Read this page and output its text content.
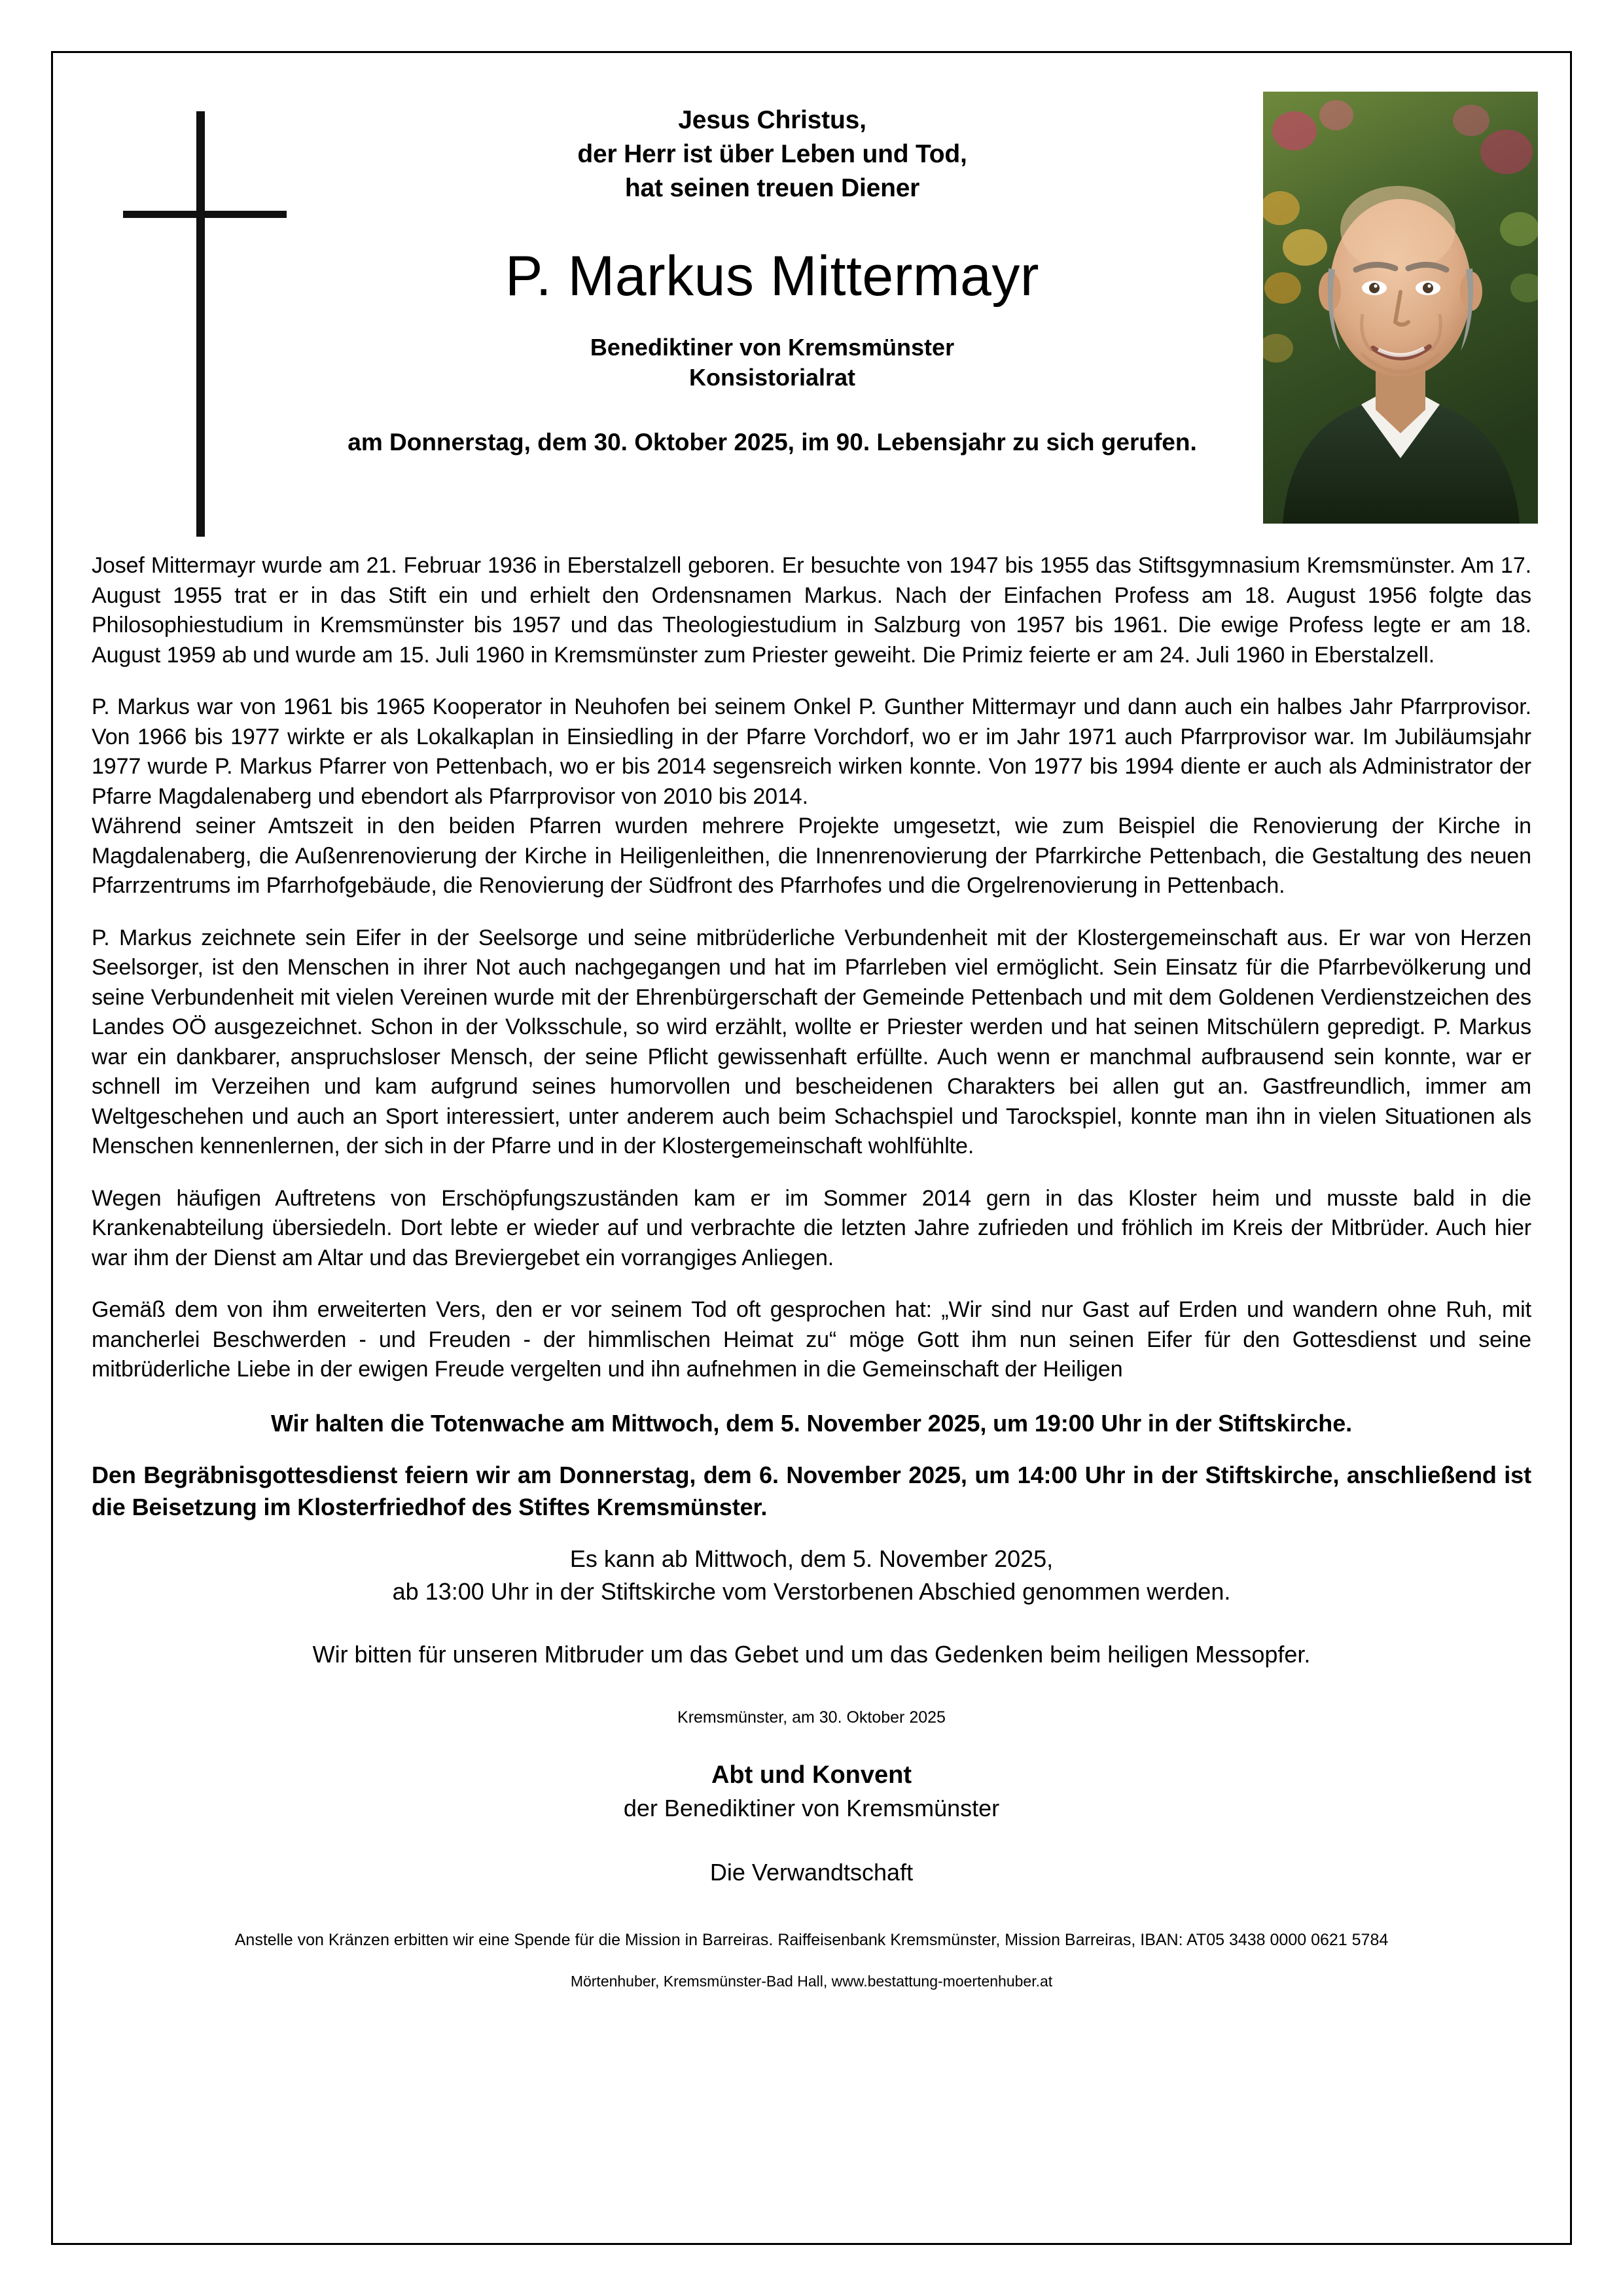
Jesus Christus,
der Herr ist über Leben und Tod,
hat seinen treuen Diener
P. Markus Mittermayr
Benediktiner von Kremsmünster
Konsistorialrat
am Donnerstag, dem 30. Oktober 2025, im 90. Lebensjahr zu sich gerufen.

Josef Mittermayr wurde am 21. Februar 1936 in Eberstalzell geboren. Er besuchte von 1947 bis 1955 das Stiftsgymnasium Kremsmünster. Am 17. August 1955 trat er in das Stift ein und erhielt den Ordensnamen Markus. Nach der Einfachen Profess am 18. August 1956 folgte das Philosophiestudium in Kremsmünster bis 1957 und das Theologiestudium in Salzburg von 1957 bis 1961. Die ewige Profess legte er am 18. August 1959 ab und wurde am 15. Juli 1960 in Kremsmünster zum Priester geweiht. Die Primiz feierte er am 24. Juli 1960 in Eberstalzell.

P. Markus war von 1961 bis 1965 Kooperator in Neuhofen bei seinem Onkel P. Gunther Mittermayr und dann auch ein halbes Jahr Pfarrprovisor. Von 1966 bis 1977 wirkte er als Lokalkaplan in Einsiedling in der Pfarre Vorchdorf, wo er im Jahr 1971 auch Pfarrprovisor war. Im Jubiläumsjahr 1977 wurde P. Markus Pfarrer von Pettenbach, wo er bis 2014 segensreich wirken konnte. Von 1977 bis 1994 diente er auch als Administrator der Pfarre Magdalenaberg und ebendort als Pfarrprovisor von 2010 bis 2014.

Während seiner Amtszeit in den beiden Pfarren wurden mehrere Projekte umgesetzt, wie zum Beispiel die Renovierung der Kirche in Magdalenaberg, die Außenrenovierung der Kirche in Heiligenleithen, die Innenrenovierung der Pfarrkirche Pettenbach, die Gestaltung des neuen Pfarrzentrums im Pfarrhofgebäude, die Renovierung der Südfront des Pfarrhofes und die Orgelrenovierung in Pettenbach.

P. Markus zeichnete sein Eifer in der Seelsorge und seine mitbrüderliche Verbundenheit mit der Klostergemeinschaft aus. Er war von Herzen Seelsorger, ist den Menschen in ihrer Not auch nachgegangen und hat im Pfarrleben viel ermöglicht. Sein Einsatz für die Pfarrbevölkerung und seine Verbundenheit mit vielen Vereinen wurde mit der Ehrenbürgerschaft der Gemeinde Pettenbach und mit dem Goldenen Verdienstzeichen des Landes OÖ ausgezeichnet. Schon in der Volksschule, so wird erzählt, wollte er Priester werden und hat seinen Mitschülern gepredigt. P. Markus war ein dankbarer, anspruchsloser Mensch, der seine Pflicht gewissenhaft erfüllte. Auch wenn er manchmal aufbrausend sein konnte, war er schnell im Verzeihen und kam aufgrund seines humorvollen und bescheidenen Charakters bei allen gut an. Gastfreundlich, immer am Weltgeschehen und auch an Sport interessiert, unter anderem auch beim Schachspiel und Tarockspiel, konnte man ihn in vielen Situationen als Menschen kennenlernen, der sich in der Pfarre und in der Klostergemeinschaft wohlfühlte.

Wegen häufigen Auftretens von Erschöpfungszuständen kam er im Sommer 2014 gern in das Kloster heim und musste bald in die Krankenabteilung übersiedeln. Dort lebte er wieder auf und verbrachte die letzten Jahre zufrieden und fröhlich im Kreis der Mitbrüder. Auch hier war ihm der Dienst am Altar und das Breviergebet ein vorrangiges Anliegen.

Gemäß dem von ihm erweiterten Vers, den er vor seinem Tod oft gesprochen hat: „Wir sind nur Gast auf Erden und wandern ohne Ruh, mit mancherlei Beschwerden - und Freuden - der himmlischen Heimat zu“ möge Gott ihm nun seinen Eifer für den Gottesdienst und seine mitbrüderliche Liebe in der ewigen Freude vergelten und ihn aufnehmen in die Gemeinschaft der Heiligen

Wir halten die Totenwache am Mittwoch, dem 5. November 2025, um 19:00 Uhr in der Stiftskirche.

Den Begräbnisgottesdienst feiern wir am Donnerstag, dem 6. November 2025, um 14:00 Uhr in der Stiftskirche, anschließend ist die Beisetzung im Klosterfriedhof des Stiftes Kremsmünster.

Es kann ab Mittwoch, dem 5. November 2025,
ab 13:00 Uhr in der Stiftskirche vom Verstorbenen Abschied genommen werden.

Wir bitten für unseren Mitbruder um das Gebet und um das Gedenken beim heiligen Messopfer.

Kremsmünster, am 30. Oktober 2025

Abt und Konvent

der Benediktiner von Kremsmünster

Die Verwandtschaft

Anstelle von Kränzen erbitten wir eine Spende für die Mission in Barreiras. Raiffeisenbank Kremsmünster, Mission Barreiras, IBAN: AT05 3438 0000 0621 5784

Mörtenhuber, Kremsmünster-Bad Hall, www.bestattung-moertenhuber.at
